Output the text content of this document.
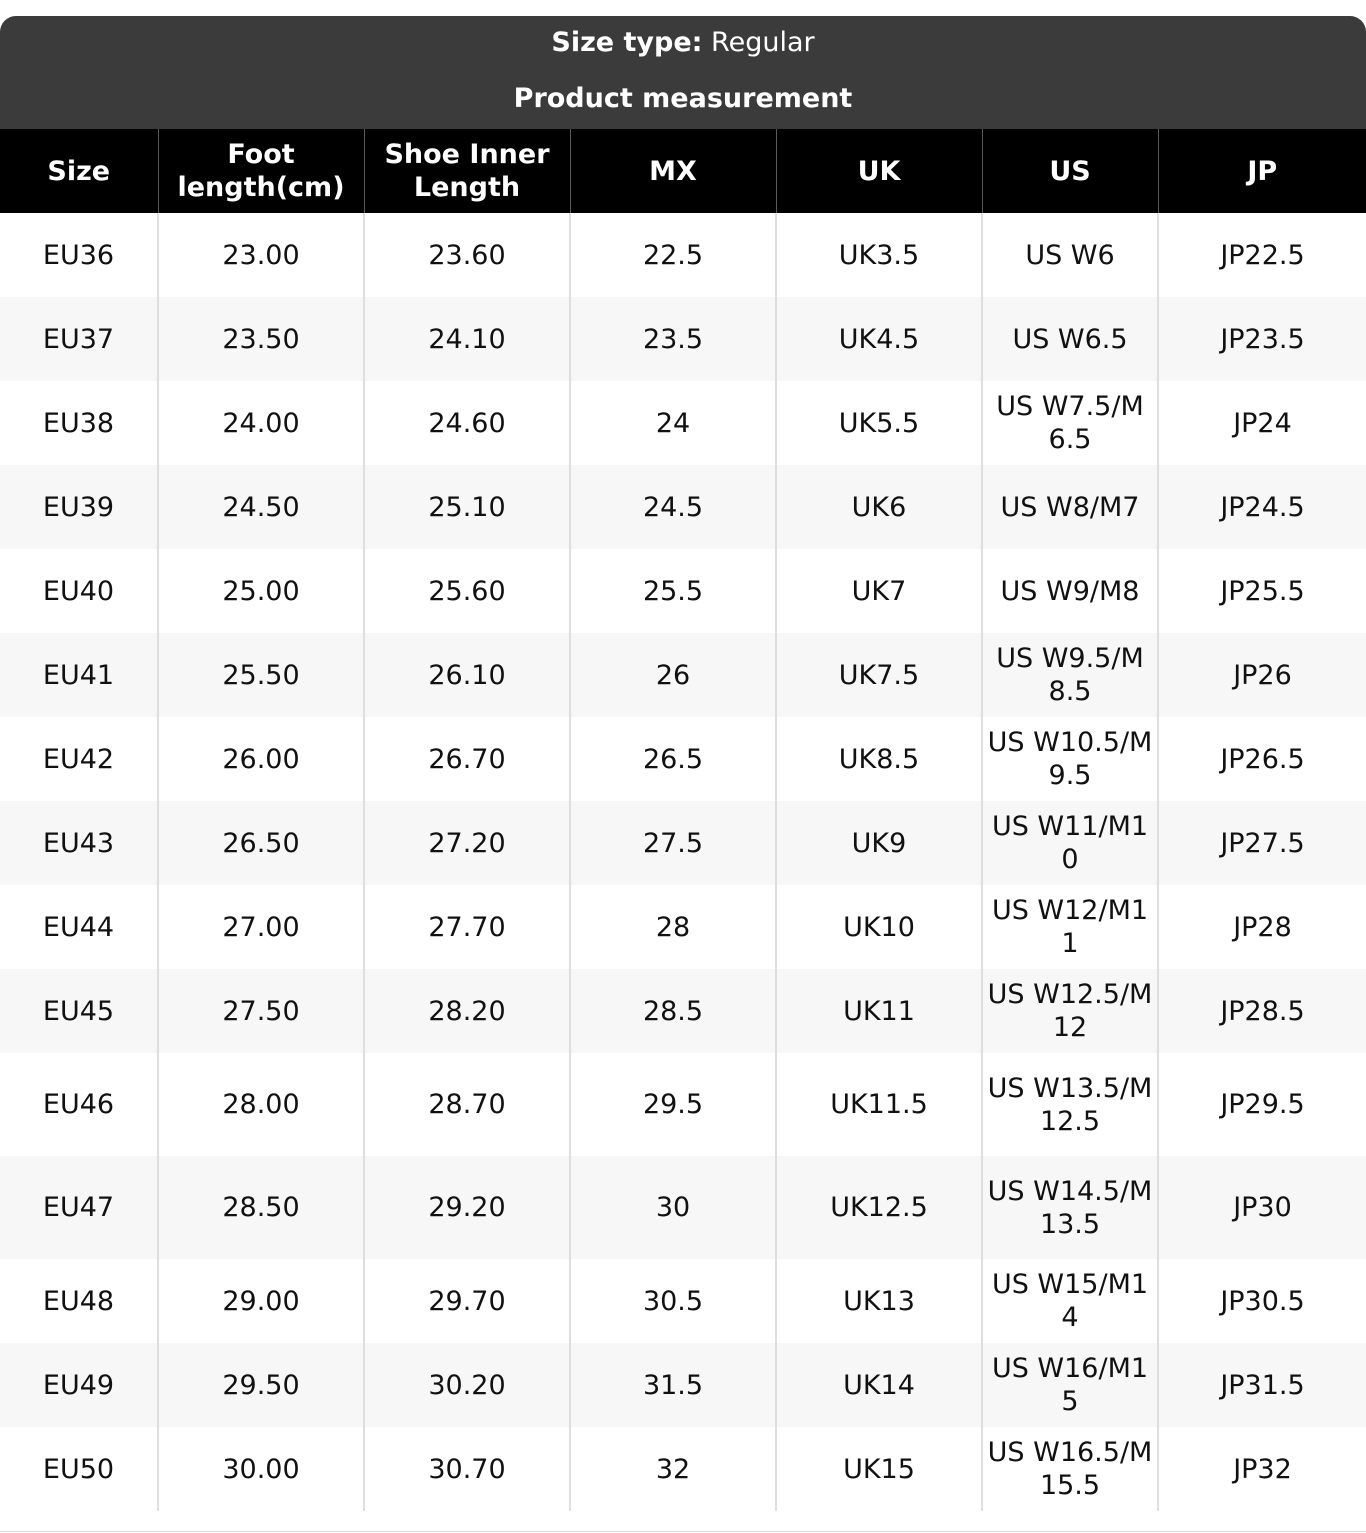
Size type: Regular
Product measurement
Size	Foot length(cm)	Shoe Inner Length	MX	UK	US	JP
EU36	23.00	23.60	22.5	UK3.5	US W6	JP22.5
EU37	23.50	24.10	23.5	UK4.5	US W6.5	JP23.5
EU38	24.00	24.60	24	UK5.5	US W7.5/M6.5	JP24
EU39	24.50	25.10	24.5	UK6	US W8/M7	JP24.5
EU40	25.00	25.60	25.5	UK7	US W9/M8	JP25.5
EU41	25.50	26.10	26	UK7.5	US W9.5/M8.5	JP26
EU42	26.00	26.70	26.5	UK8.5	US W10.5/M9.5	JP26.5
EU43	26.50	27.20	27.5	UK9	US W11/M10	JP27.5
EU44	27.00	27.70	28	UK10	US W12/M11	JP28
EU45	27.50	28.20	28.5	UK11	US W12.5/M12	JP28.5
EU46	28.00	28.70	29.5	UK11.5	US W13.5/M12.5	JP29.5
EU47	28.50	29.20	30	UK12.5	US W14.5/M13.5	JP30
EU48	29.00	29.70	30.5	UK13	US W15/M14	JP30.5
EU49	29.50	30.20	31.5	UK14	US W16/M15	JP31.5
EU50	30.00	30.70	32	UK15	US W16.5/M15.5	JP32
